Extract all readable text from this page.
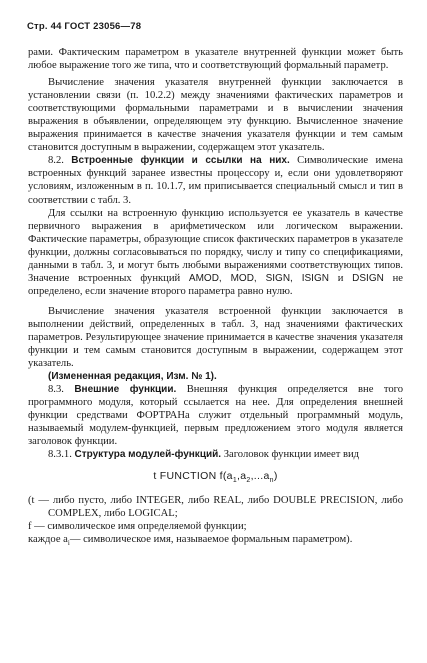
Стр. 44 ГОСТ 23056—78

рами. Фактическим параметром в указателе внутренней функции может быть любое выражение того же типа, что и соответствующий формальный параметр.

Вычисление значения указателя внутренней функции заключается в установлении связи (п. 10.2.2) между значениями фактических параметров и соответствующими формальными параметрами и в вычислении значения выражения в объявлении, определяющем эту функцию. Вычисленное значение выражения принимается в качестве значения указателя функции и тем самым становится доступным в выражении, содержащем этот указатель.

8.2. Встроенные функции и ссылки на них. Символические имена встроенных функций заранее известны процессору и, если они удовлетворяют условиям, изложенным в п. 10.1.7, им приписывается специальный смысл и тип в соответствии с табл. 3.

Для ссылки на встроенную функцию используется ее указатель в качестве первичного выражения в арифметическом или логическом выражении. Фактические параметры, образующие список фактических параметров в указателе функции, должны согласовываться по порядку, числу и типу со спецификациями, данными в табл. 3, и могут быть любыми выражениями соответствующих типов. Значение встроенных функций AMOD, MOD, SIGN, ISIGN и DSIGN не определено, если значение второго параметра равно нулю.

Вычисление значения указателя встроенной функции заключается в выполнении действий, определенных в табл. 3, над значениями фактических параметров. Результирующее значение принимается в качестве значения указателя функции и тем самым становится доступным в выражении, содержащем этот указатель.

(Измененная редакция, Изм. № 1).

8.3. Внешние функции. Внешняя функция определяется вне того программного модуля, который ссылается на нее. Для определения внешней функции средствами ФОРТРАНа служит отдельный программный модуль, называемый модулем-функцией, первым предложением этого модуля является заголовок функции.

8.3.1. Структура модулей-функций. Заголовок функции имеет вид

t FUNCTION $f(a_1,a_2,...a_n)$

(t — либо пусто, либо INTEGER, либо REAL, либо DOUBLE PRECISION, либо COMPLEX, либо LOGICAL;

f — символическое имя определяемой функции;

каждое $a_i—$ символическое имя, называемое формальным параметром).
